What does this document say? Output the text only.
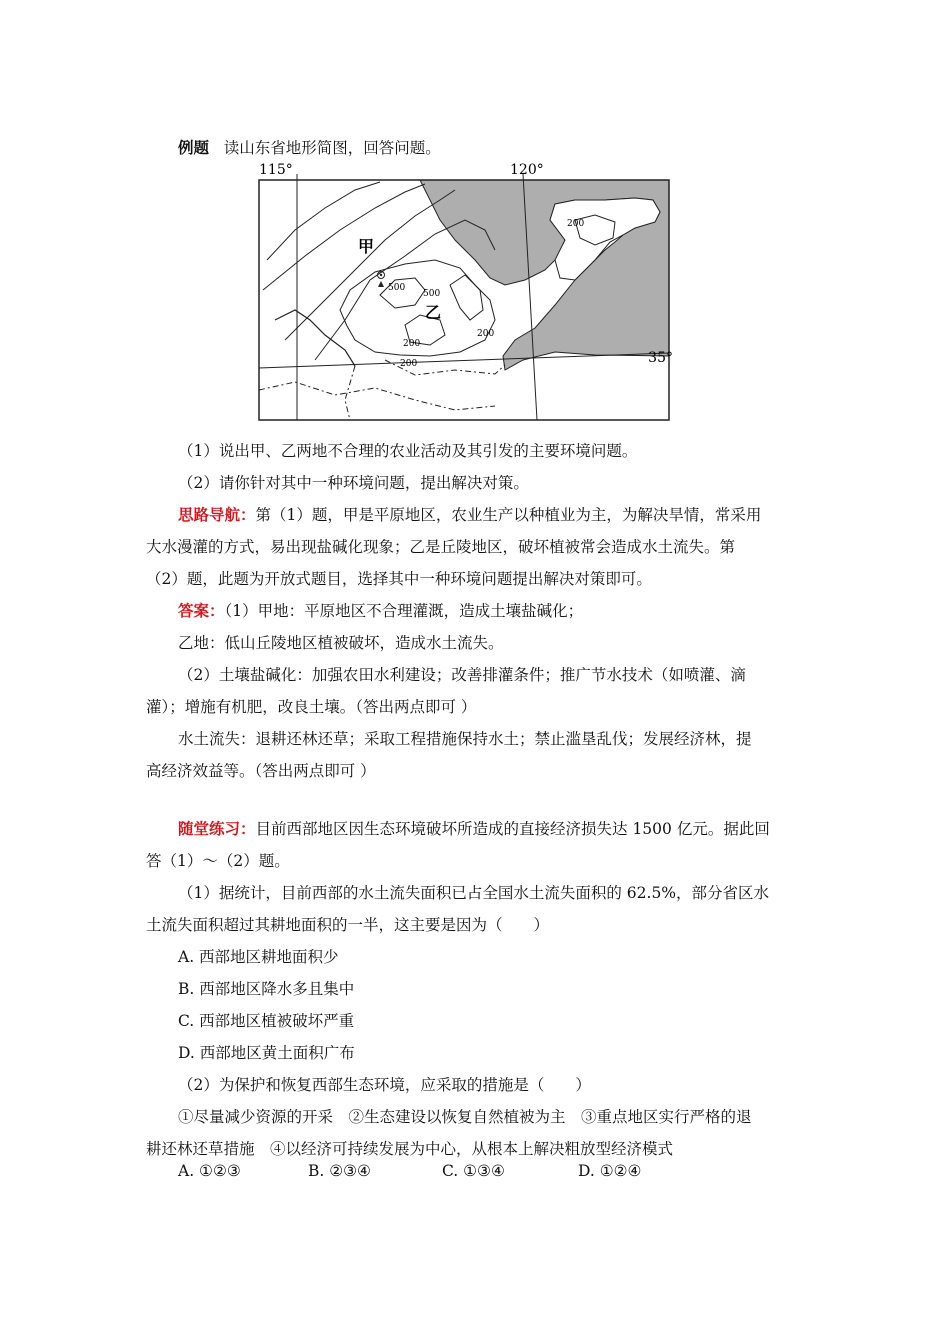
例题 读山东省地形简图，回答问题。
115°	120°
35°
甲
乙
500
500
200
200
200
200
（1）说出甲、乙两地不合理的农业活动及其引发的主要环境问题。
（2）请你针对其中一种环境问题，提出解决对策。
思路导航：第（1）题，甲是平原地区，农业生产以种植业为主，为解决旱情，常采用
大水漫灌的方式，易出现盐碱化现象；乙是丘陵地区，破坏植被常会造成水土流失。第
（2）题，此题为开放式题目，选择其中一种环境问题提出解决对策即可。
答案：（1）甲地：平原地区不合理灌溉，造成土壤盐碱化；
乙地：低山丘陵地区植被破坏，造成水土流失。
（2）土壤盐碱化：加强农田水利建设；改善排灌条件；推广节水技术（如喷灌、滴
灌）；增施有机肥，改良土壤。（答出两点即可 ）
水土流失：退耕还林还草；采取工程措施保持水土；禁止滥垦乱伐；发展经济林，提
高经济效益等。（答出两点即可 ）
随堂练习：目前西部地区因生态环境破坏所造成的直接经济损失达 1500 亿元。据此回
答（1）～（2）题。
（1）据统计，目前西部的水土流失面积已占全国水土流失面积的 62.5%，部分省区水
土流失面积超过其耕地面积的一半，这主要是因为（　　）
A. 西部地区耕地面积少
B. 西部地区降水多且集中
C. 西部地区植被破坏严重
D. 西部地区黄土面积广布
（2）为保护和恢复西部生态环境，应采取的措施是（　　）
①尽量减少资源的开采　②生态建设以恢复自然植被为主　③重点地区实行严格的退
耕还林还草措施　④以经济可持续发展为中心，从根本上解决粗放型经济模式
A. ①②③	B. ②③④	C. ①③④	D. ①②④
